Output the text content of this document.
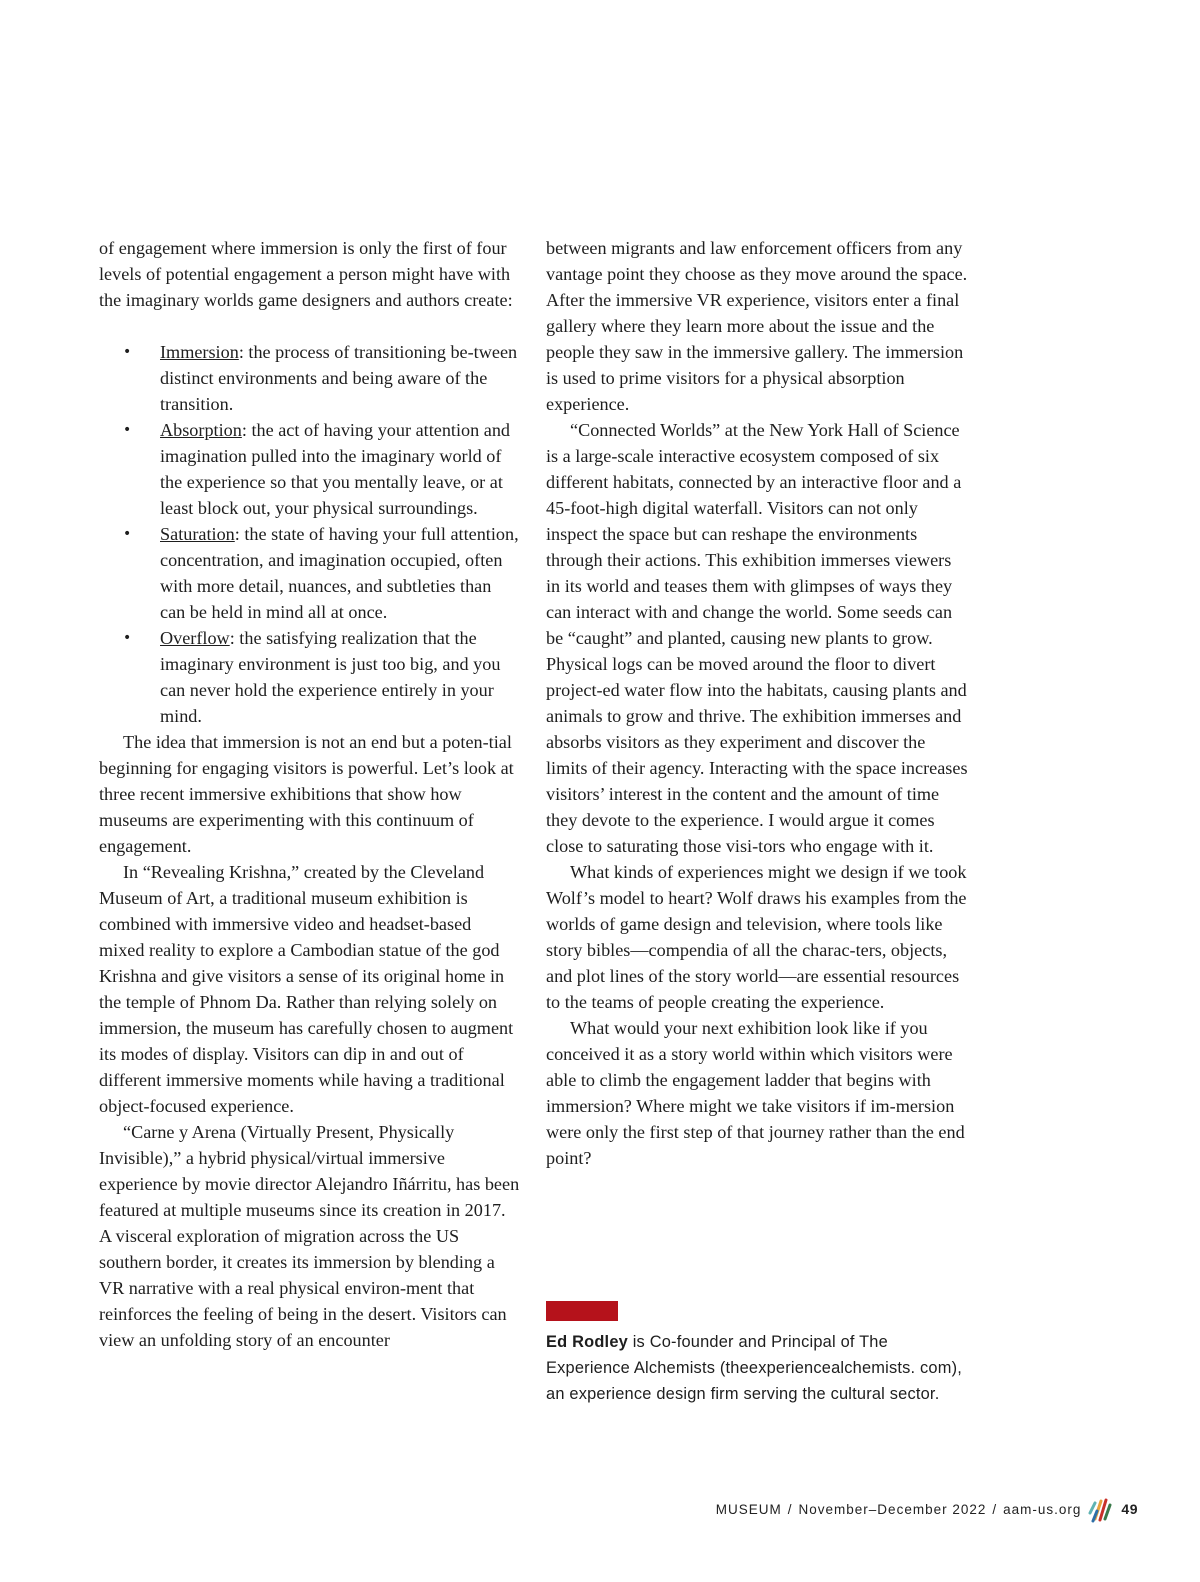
of engagement where immersion is only the first of four levels of potential engagement a person might have with the imaginary worlds game designers and authors create:

• Immersion: the process of transitioning be-tween distinct environments and being aware of the transition.
• Absorption: the act of having your attention and imagination pulled into the imaginary world of the experience so that you mentally leave, or at least block out, your physical surroundings.
• Saturation: the state of having your full attention, concentration, and imagination occupied, often with more detail, nuances, and subtleties than can be held in mind all at once.
• Overflow: the satisfying realization that the imaginary environment is just too big, and you can never hold the experience entirely in your mind.

The idea that immersion is not an end but a poten-tial beginning for engaging visitors is powerful. Let’s look at three recent immersive exhibitions that show how museums are experimenting with this continuum of engagement.

In “Revealing Krishna,” created by the Cleveland Museum of Art, a traditional museum exhibition is combined with immersive video and headset-based mixed reality to explore a Cambodian statue of the god Krishna and give visitors a sense of its original home in the temple of Phnom Da. Rather than relying solely on immersion, the museum has carefully chosen to augment its modes of display. Visitors can dip in and out of different immersive moments while having a traditional object-focused experience.

“Carne y Arena (Virtually Present, Physically Invisible),” a hybrid physical/virtual immersive experience by movie director Alejandro Iñárritu, has been featured at multiple museums since its creation in 2017. A visceral exploration of migration across the US southern border, it creates its immersion by blending a VR narrative with a real physical environ-ment that reinforces the feeling of being in the desert. Visitors can view an unfolding story of an encounter

between migrants and law enforcement officers from any vantage point they choose as they move around the space. After the immersive VR experience, visitors enter a final gallery where they learn more about the issue and the people they saw in the immersive gallery. The immersion is used to prime visitors for a physical absorption experience.

“Connected Worlds” at the New York Hall of Science is a large-scale interactive ecosystem composed of six different habitats, connected by an interactive floor and a 45-foot-high digital waterfall. Visitors can not only inspect the space but can reshape the environments through their actions. This exhibition immerses viewers in its world and teases them with glimpses of ways they can interact with and change the world. Some seeds can be “caught” and planted, causing new plants to grow. Physical logs can be moved around the floor to divert project-ed water flow into the habitats, causing plants and animals to grow and thrive. The exhibition immerses and absorbs visitors as they experiment and discover the limits of their agency. Interacting with the space increases visitors’ interest in the content and the amount of time they devote to the experience. I would argue it comes close to saturating those visi-tors who engage with it.

What kinds of experiences might we design if we took Wolf’s model to heart? Wolf draws his examples from the worlds of game design and television, where tools like story bibles—compendia of all the charac-ters, objects, and plot lines of the story world—are essential resources to the teams of people creating the experience.

What would your next exhibition look like if you conceived it as a story world within which visitors were able to climb the engagement ladder that begins with immersion? Where might we take visitors if im-mersion were only the first step of that journey rather than the end point?

Ed Rodley is Co-founder and Principal of The Experience Alchemists (theexperiencealchemists. com), an experience design firm serving the cultural sector.
MUSEUM / November–December 2022 / aam-us.org	49
